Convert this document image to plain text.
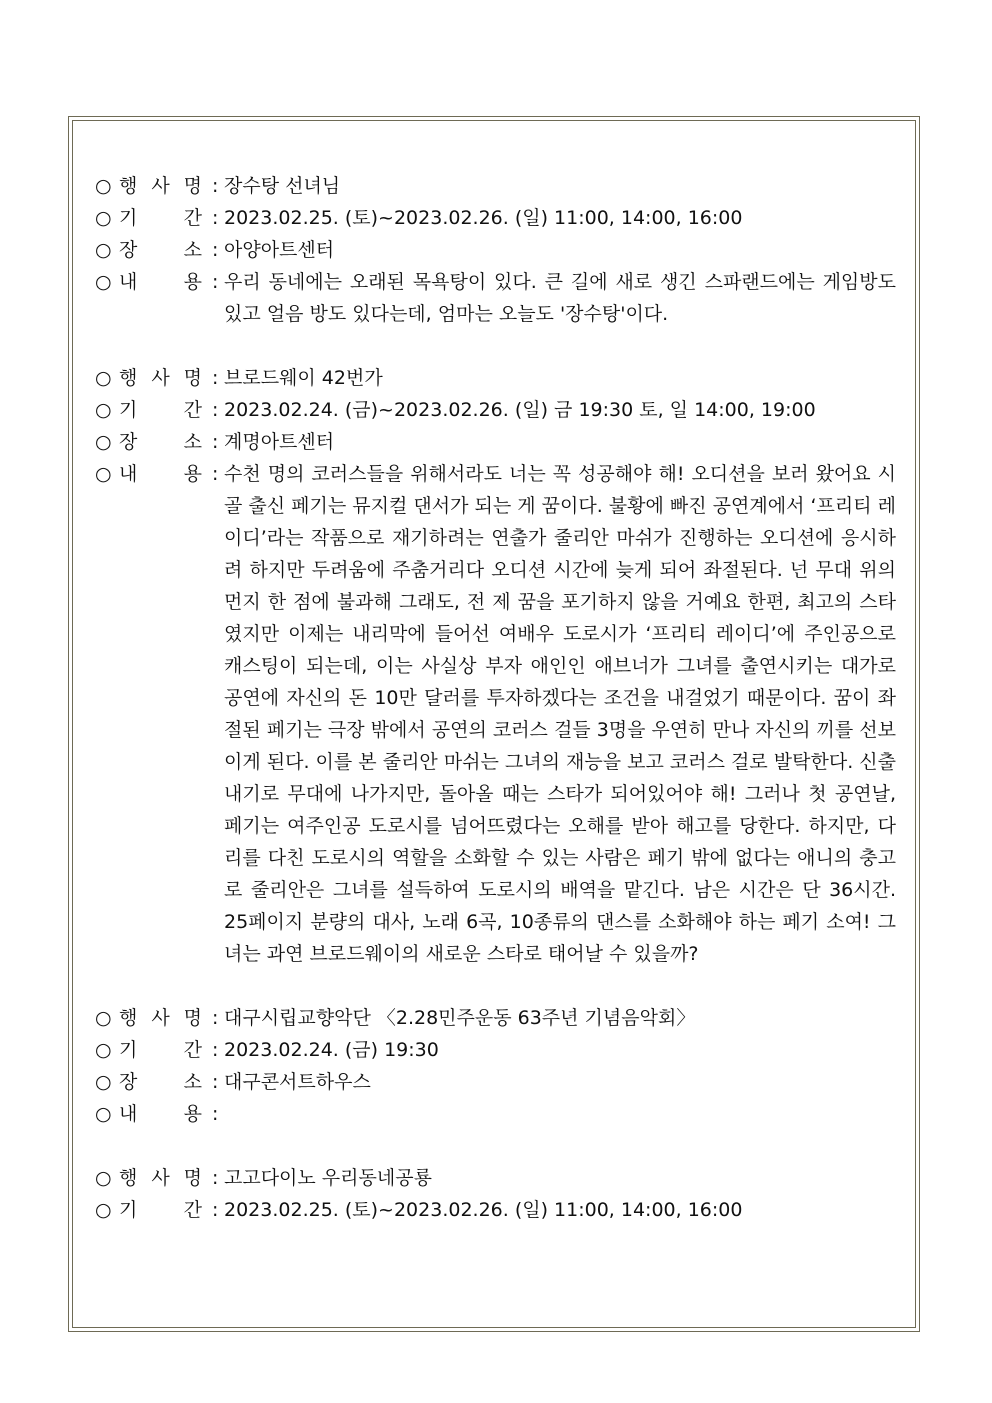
○ 행 사 명 : 장수탕 선녀님
○ 기 간 : 2023.02.25. (토)~2023.02.26. (일) 11:00, 14:00, 16:00
○ 장 소 : 아양아트센터
○ 내 용 : 우리 동네에는 오래된 목욕탕이 있다. 큰 길에 새로 생긴 스파랜드에는 게임방도 있고 얼음 방도 있다는데, 엄마는 오늘도 '장수탕'이다.
○ 행 사 명 : 브로드웨이 42번가
○ 기 간 : 2023.02.24. (금)~2023.02.26. (일) 금 19:30 토, 일 14:00, 19:00
○ 장 소 : 계명아트센터
○ 내 용 : 수천 명의 코러스들을 위해서라도 너는 꼭 성공해야 해! 오디션을 보러 왔어요 시골 출신 페기는 뮤지컬 댄서가 되는 게 꿈이다. 불황에 빠진 공연계에서 ‘프리티 레이디’라는 작품으로 재기하려는 연출가 줄리안 마쉬가 진행하는 오디션에 응시하려 하지만 두려움에 주춤거리다 오디션 시간에 늦게 되어 좌절된다. 넌 무대 위의 먼지 한 점에 불과해 그래도, 전 제 꿈을 포기하지 않을 거예요 한편, 최고의 스타였지만 이제는 내리막에 들어선 여배우 도로시가 ‘프리티 레이디’에 주인공으로 캐스팅이 되는데, 이는 사실상 부자 애인인 애브너가 그녀를 출연시키는 대가로 공연에 자신의 돈 10만 달러를 투자하겠다는 조건을 내걸었기 때문이다. 꿈이 좌절된 페기는 극장 밖에서 공연의 코러스 걸들 3명을 우연히 만나 자신의 끼를 선보이게 된다. 이를 본 줄리안 마쉬는 그녀의 재능을 보고 코러스 걸로 발탁한다. 신출내기로 무대에 나가지만, 돌아올 때는 스타가 되어있어야 해! 그러나 첫 공연날, 페기는 여주인공 도로시를 넘어뜨렸다는 오해를 받아 해고를 당한다. 하지만, 다리를 다친 도로시의 역할을 소화할 수 있는 사람은 페기 밖에 없다는 애니의 충고로 줄리안은 그녀를 설득하여 도로시의 배역을 맡긴다. 남은 시간은 단 36시간. 25페이지 분량의 대사, 노래 6곡, 10종류의 댄스를 소화해야 하는 페기 소여! 그녀는 과연 브로드웨이의 새로운 스타로 태어날 수 있을까?
○ 행 사 명 : 대구시립교향악단 〈2.28민주운동 63주년 기념음악회〉
○ 기 간 : 2023.02.24. (금) 19:30
○ 장 소 : 대구콘서트하우스
○ 내 용 :
○ 행 사 명 : 고고다이노 우리동네공룡
○ 기 간 : 2023.02.25. (토)~2023.02.26. (일) 11:00, 14:00, 16:00
